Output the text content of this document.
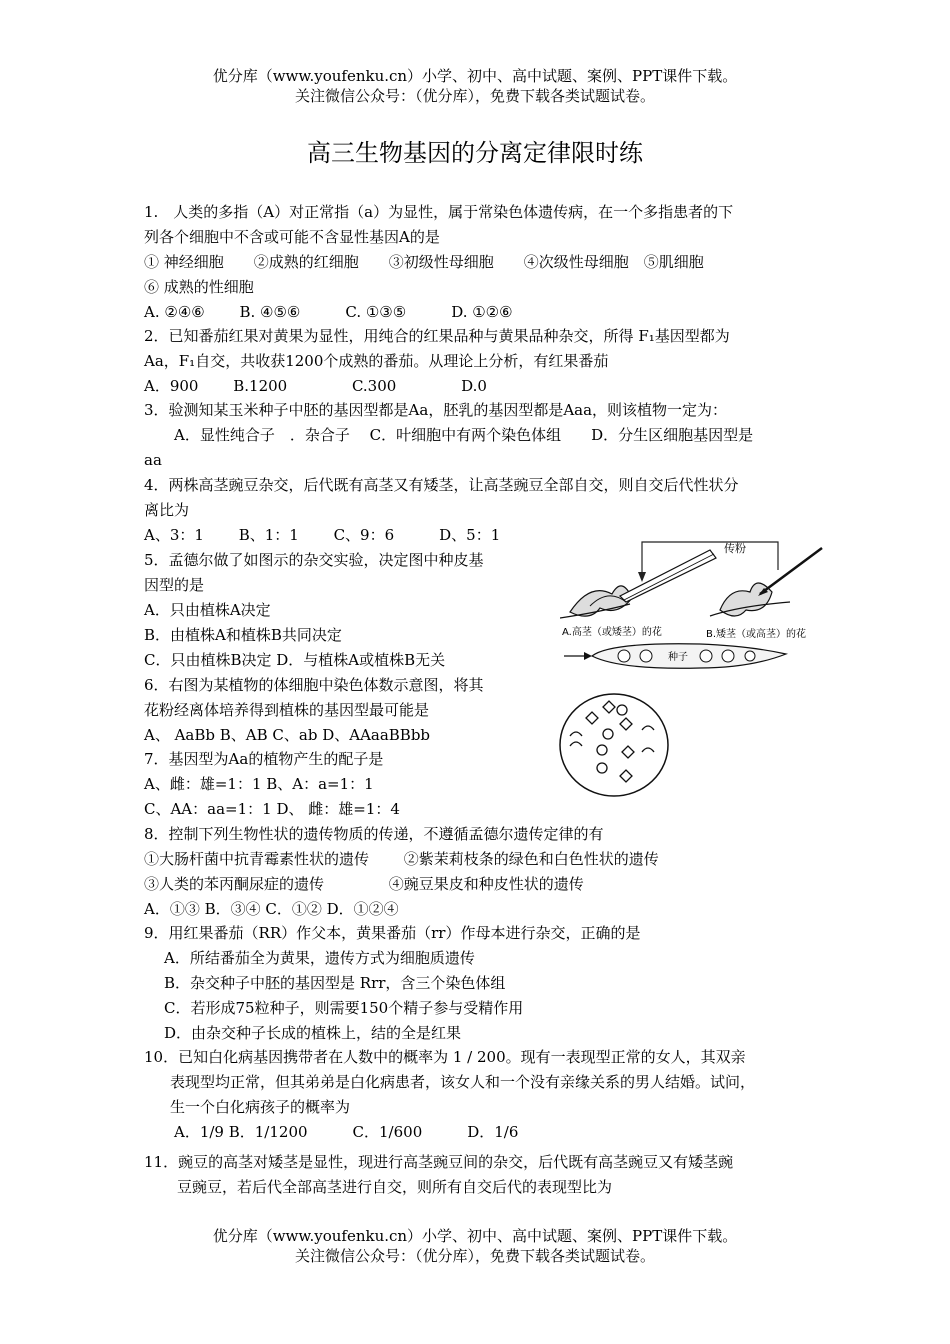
优分库（www.youfenku.cn）小学、初中、高中试题、案例、PPT课件下载。
关注微信公众号：（优分库），免费下载各类试题试卷。
高三生物基因的分离定律限时练
1.　人类的多指（A）对正常指（a）为显性，属于常染色体遗传病，在一个多指患者的下
列各个细胞中不含或可能不含显性基因A的是
① 神经细胞　　②成熟的红细胞　　③初级性母细胞　　④次级性母细胞　⑤肌细胞
⑥ 成熟的性细胞
A. ②④⑥　　 B. ④⑤⑥　　　C. ①③⑤　　　D. ①②⑥
2．已知番茄红果对黄果为显性，用纯合的红果品种与黄果品种杂交，所得 F₁基因型都为
Aa，F₁自交，共收获1200个成熟的番茄。从理论上分析，有红果番茄
A．900　　 B.1200　　　 　C.300　　　　 D.0
3．验测知某玉米种子中胚的基因型都是Aa，胚乳的基因型都是Aaa，则该植物一定为：
　　A．显性纯合子　．杂合子　 C．叶细胞中有两个染色体组　　D．分生区细胞基因型是
aa
4．两株高茎豌豆杂交，后代既有高茎又有矮茎，让高茎豌豆全部自交，则自交后代性状分
离比为
A、3：1　　 B、1：1　　 C、9：6　　　D、5：1
5．孟德尔做了如图示的杂交实验，决定图中种皮基
因型的是
A．只由植株A决定
B．由植株A和植株B共同决定
C．只由植株B决定 D．与植株A或植株B无关
6．右图为某植物的体细胞中染色体数示意图，将其
花粉经离体培养得到植株的基因型最可能是
A、 AaBb B、AB C、ab D、AAaaBBbb
7．基因型为Aa的植物产生的配子是
A、雌：雄=1：1 B、A：a=1：1
C、AA：aa=1：1 D、 雌：雄=1：4
8．控制下列生物性状的遗传物质的传递，不遵循孟德尔遗传定律的有
①大肠杆菌中抗青霉素性状的遗传　　 ②紫茉莉枝条的绿色和白色性状的遗传
③人类的苯丙酮尿症的遗传　　　　 ④豌豆果皮和种皮性状的遗传
A．①③ B．③④ C．①② D．①②④
9．用红果番茄（RR）作父本，黄果番茄（rr）作母本进行杂交，正确的是
A．所结番茄全为黄果，遗传方式为细胞质遗传
B．杂交种子中胚的基因型是 Rrr，含三个染色体组
C．若形成75粒种子，则需要150个精子参与受精作用
D．由杂交种子长成的植株上，结的全是红果
10．已知白化病基因携带者在人数中的概率为 1 / 200。现有一表现型正常的女人，其双亲
表现型均正常，但其弟弟是白化病患者，该女人和一个没有亲缘关系的男人结婚。试问，
生一个白化病孩子的概率为
A．1/9 B．1/1200　　　C．1/600　　　D．1/6
11．豌豆的高茎对矮茎是显性，现进行高茎豌豆间的杂交，后代既有高茎豌豆又有矮茎豌
豆豌豆，若后代全部高茎进行自交，则所有自交后代的表现型比为
传粉
A.高茎（或矮茎）的花	B.矮茎（或高茎）的花
种子
优分库（www.youfenku.cn）小学、初中、高中试题、案例、PPT课件下载。
关注微信公众号：（优分库），免费下载各类试题试卷。
